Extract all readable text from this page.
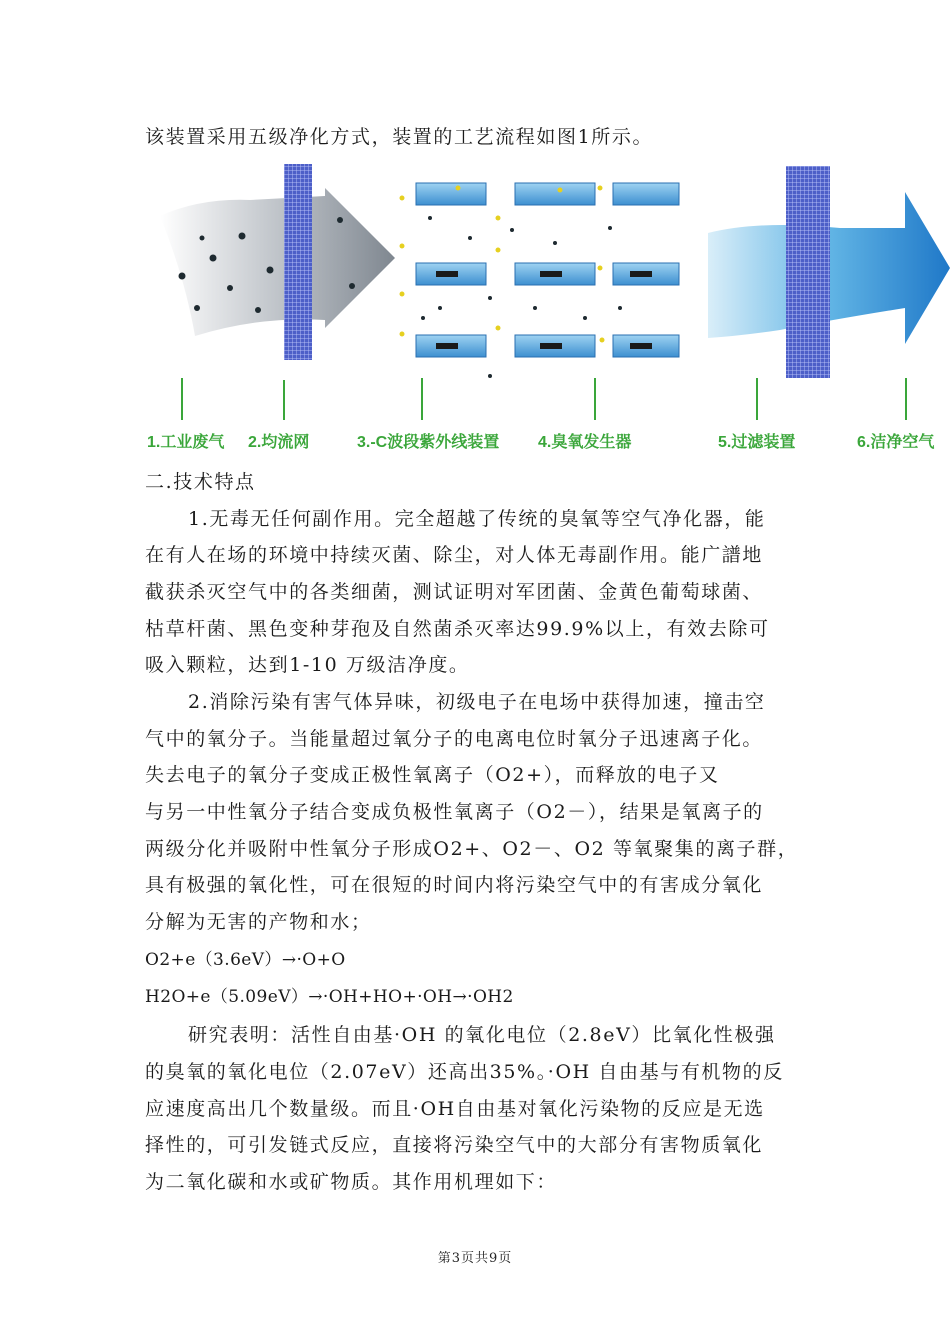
该装置采用五级净化方式，装置的工艺流程如图1所示。

1.工业废气 2.均流网	3.-C波段紫外线装置 4.臭氧发生器	5.过滤装置	6.洁净空气

二.技术特点

1.无毒无任何副作用。完全超越了传统的臭氧等空气净化器，能

在有人在场的环境中持续灭菌、除尘，对人体无毒副作用。能广譜地

截获杀灭空气中的各类细菌，测试证明对军团菌、金黄色葡萄球菌、

枯草杆菌、黑色变种芽孢及自然菌杀灭率达99.9%以上，有效去除可

吸入颗粒，达到1-10 万级洁净度。

2.消除污染有害气体异味，初级电子在电场中获得加速，撞击空

气中的氧分子。当能量超过氧分子的电离电位时氧分子迅速离子化。

失去电子的氧分子变成正极性氧离子（O2+），而释放的电子又

与另一中性氧分子结合变成负极性氧离子（O2－），结果是氧离子的

两级分化并吸附中性氧分子形成O2+、O2－、O2 等氧聚集的离子群，

具有极强的氧化性，可在很短的时间内将污染空气中的有害成分氧化

分解为无害的产物和水；

O2+e（3.6eV）→·O+O

H2O+e（5.09eV）→·OH+HO+·OH→·OH2

研究表明：活性自由基·OH 的氧化电位（2.8eV）比氧化性极强

的臭氧的氧化电位（2.07eV）还高出35%。·OH 自由基与有机物的反

应速度高出几个数量级。而且·OH自由基对氧化污染物的反应是无选

择性的，可引发链式反应，直接将污染空气中的大部分有害物质氧化

为二氧化碳和水或矿物质。其作用机理如下：

第3页共9页
